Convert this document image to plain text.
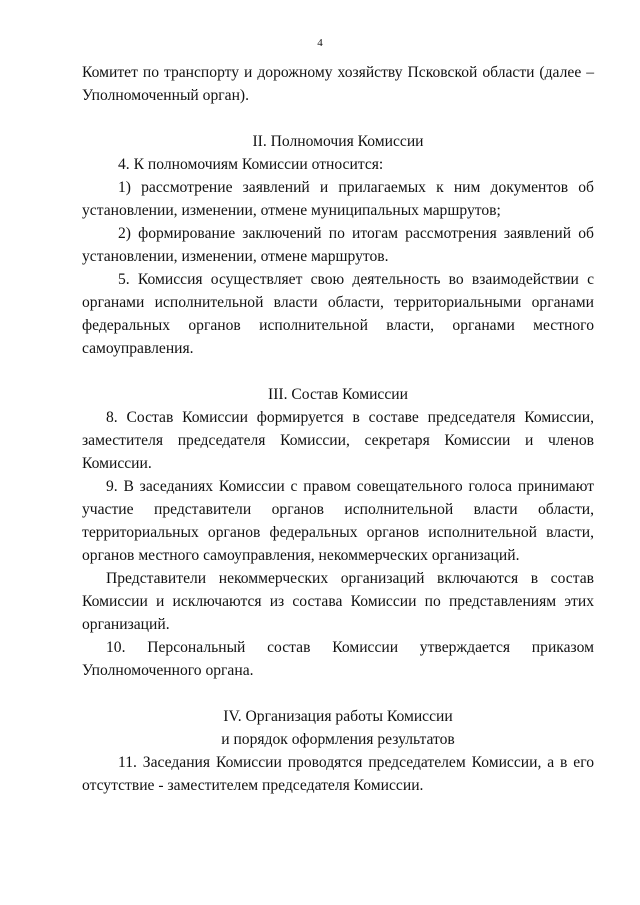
4

Комитет по транспорту и дорожному хозяйству Псковской области (далее – Уполномоченный орган).

II. Полномочия Комиссии

4. К полномочиям Комиссии относится:

1) рассмотрение заявлений и прилагаемых к ним документов об установлении, изменении, отмене муниципальных маршрутов;

2) формирование заключений по итогам рассмотрения заявлений об установлении, изменении, отмене маршрутов.

5. Комиссия осуществляет свою деятельность во взаимодействии с органами исполнительной власти области, территориальными органами федеральных органов исполнительной власти, органами местного самоуправления.

III. Состав Комиссии

8. Состав Комиссии формируется в составе председателя Комиссии, заместителя председателя Комиссии, секретаря Комиссии и членов Комиссии.

9. В заседаниях Комиссии с правом совещательного голоса принимают участие представители органов исполнительной власти области, территориальных органов федеральных органов исполнительной власти, органов местного самоуправления, некоммерческих организаций.

Представители некоммерческих организаций включаются в состав Комиссии и исключаются из состава Комиссии по представлениям этих организаций.

10. Персональный состав Комиссии утверждается приказом Уполномоченного органа.

IV. Организация работы Комиссии

и порядок оформления результатов

11. Заседания Комиссии проводятся председателем Комиссии, а в его отсутствие - заместителем председателя Комиссии.
